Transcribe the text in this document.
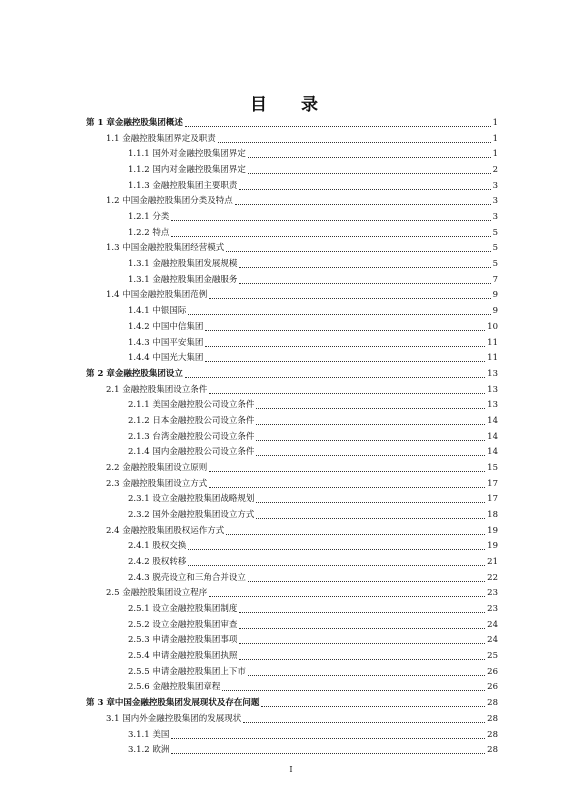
目 录
第 1 章金融控股集团概述	1
1.1 金融控股集团界定及职责	1
1.1.1 国外对金融控股集团界定	1
1.1.2 国内对金融控股集团界定	2
1.1.3 金融控股集团主要职责	3
1.2 中国金融控股集团分类及特点	3
1.2.1 分类	3
1.2.2 特点	5
1.3 中国金融控股集团经营模式	5
1.3.1 金融控股集团发展规模	5
1.3.1 金融控股集团金融服务	7
1.4 中国金融控股集团范例	9
1.4.1 中银国际	9
1.4.2 中国中信集团	10
1.4.3 中国平安集团	11
1.4.4 中国光大集团	11
第 2 章金融控股集团设立	13
2.1 金融控股集团设立条件	13
2.1.1 美国金融控股公司设立条件	13
2.1.2 日本金融控股公司设立条件	14
2.1.3 台湾金融控股公司设立条件	14
2.1.4 国内金融控股公司设立条件	14
2.2 金融控股集团设立原则	15
2.3 金融控股集团设立方式	17
2.3.1 设立金融控股集团战略规划	17
2.3.2 国外金融控股集团设立方式	18
2.4 金融控股集团股权运作方式	19
2.4.1 股权交换	19
2.4.2 股权转移	21
2.4.3 脱壳设立和三角合并设立	22
2.5 金融控股集团设立程序	23
2.5.1 设立金融控股集团制度	23
2.5.2 设立金融控股集团审查	24
2.5.3 申请金融控股集团事项	24
2.5.4 申请金融控股集团执照	25
2.5.5 申请金融控股集团上下市	26
2.5.6 金融控股集团章程	26
第 3 章中国金融控股集团发展现状及存在问题	28
3.1 国内外金融控股集团的发展现状	28
3.1.1 美国	28
3.1.2 欧洲	28
I
